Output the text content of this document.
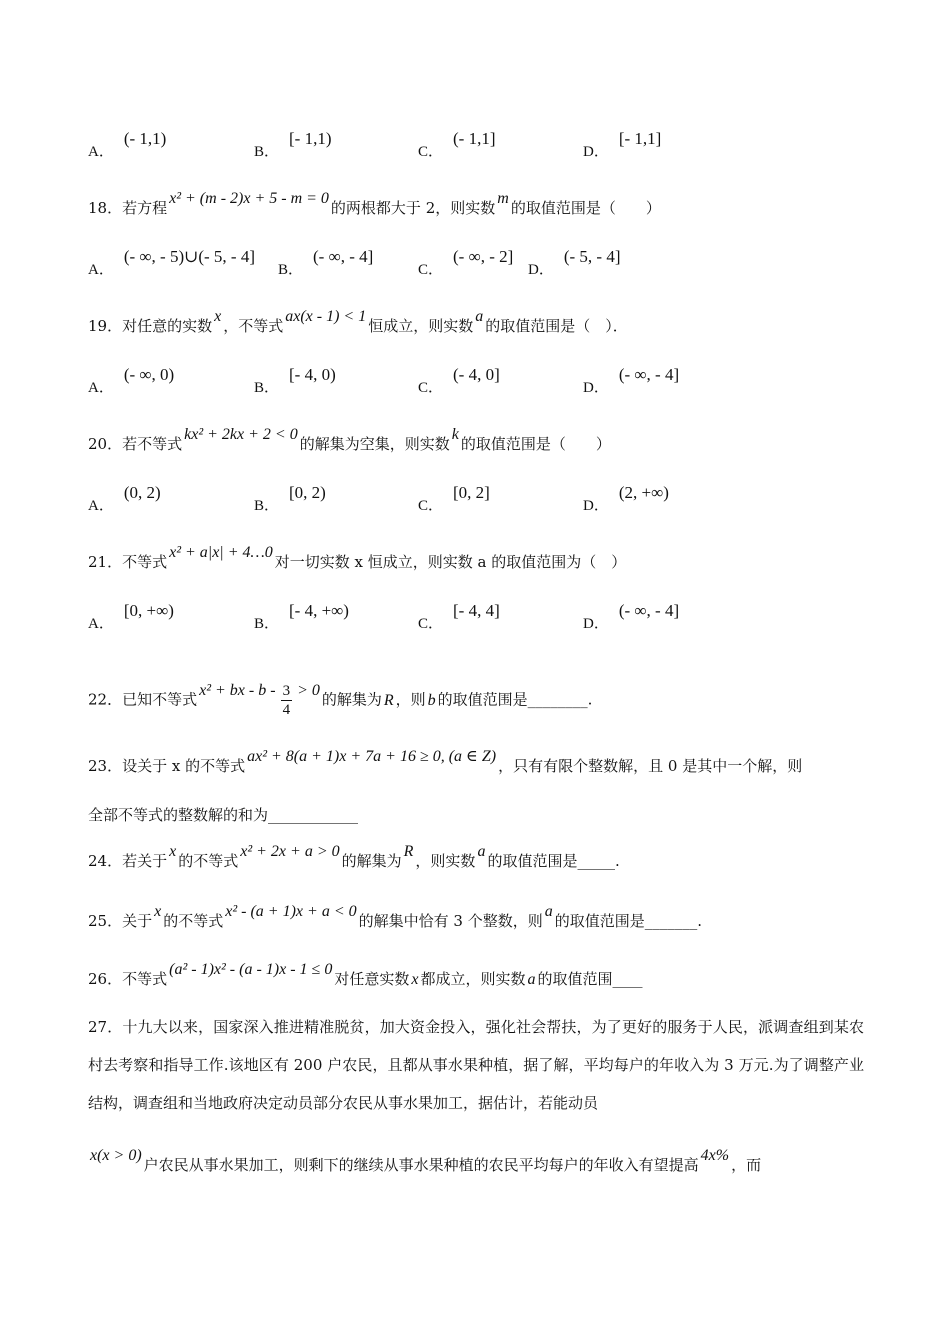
A．(- 1,1)
B．[- 1,1)
C．(- 1,1]
D．[- 1,1]
18．若方程x² + (m - 2)x + 5 - m = 0的两根都大于 2，则实数m的取值范围是（　　）
A．(- ∞, - 5)∪(- 5, - 4]
B．(- ∞, - 4]
C．(- ∞, - 2]
D．(- 5, - 4]
19．对任意的实数x，不等式ax(x - 1) < 1恒成立，则实数a的取值范围是（　）．
A．(- ∞, 0)
B．[- 4, 0)
C．(- 4, 0]
D．(- ∞, - 4]
20．若不等式kx² + 2kx + 2 < 0的解集为空集，则实数k的取值范围是（　　）
A．(0, 2)
B．[0, 2)
C．[0, 2]
D．(2, +∞)
21．不等式x² + a|x| + 4…0对一切实数 x 恒成立，则实数 a 的取值范围为（　）
A．[0, +∞)
B．[- 4, +∞)
C．[- 4, 4]
D．(- ∞, - 4]
22．已知不等式x² + bx - $b - \frac{3}{4} > 0$的解集为 R ，则 b 的取值范围是________.
23．设关于 x 的不等式ax² + 8(a + 1)x + 7a + 16 ≥ 0, (a ∈ Z)，只有有限个整数解，且 0 是其中一个解，则
全部不等式的整数解的和为____________
24．若关于x的不等式x² + 2x + a > 0的解集为R，则实数a的取值范围是_____.
25．关于x的不等式x² - (a + 1)x + a < 0的解集中恰有 3 个整数，则a的取值范围是_______.
26．不等式(a² - 1)x² - (a - 1)x - 1 ≤ 0对任意实数 x 都成立，则实数 a 的取值范围____
27．十九大以来，国家深入推进精准脱贫，加大资金投入，强化社会帮扶，为了更好的服务于人民，派调查组到某农村去考察和指导工作.该地区有 200 户农民，且都从事水果种植，据了解，平均每户的年收入为 3 万元.为了调整产业结构，调查组和当地政府决定动员部分农民从事水果加工，据估计，若能动员
x(x > 0)户农民从事水果加工，则剩下的继续从事水果种植的农民平均每户的年收入有望提高4x%，而
